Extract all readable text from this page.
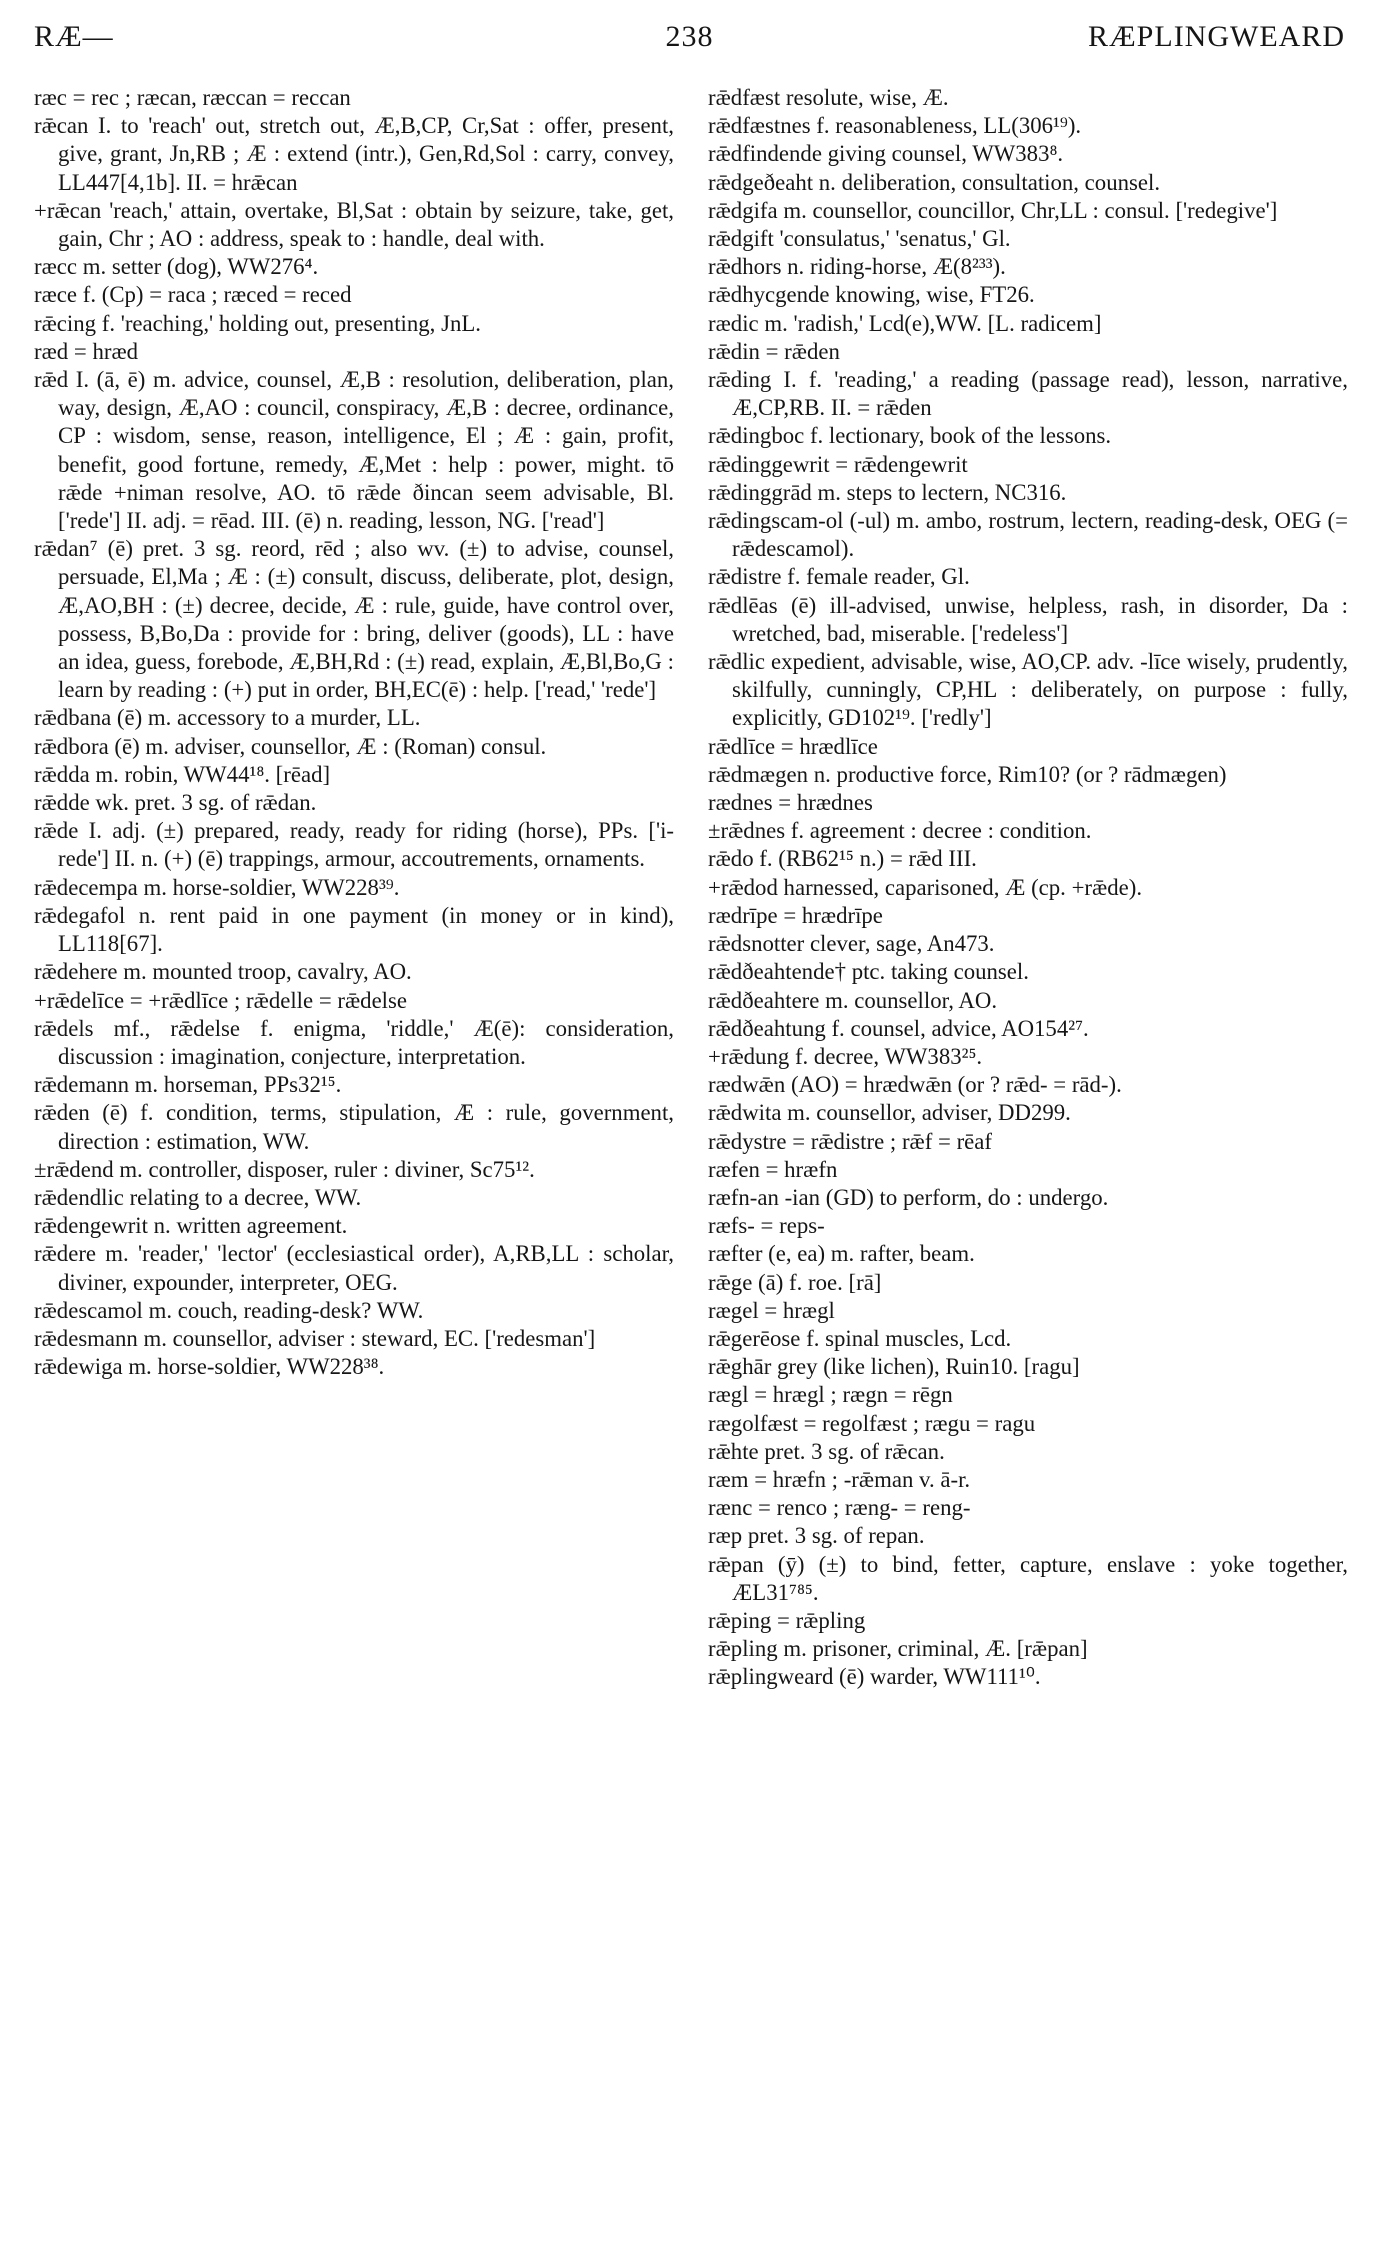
RÆ—	238	RÆPLINGWEARD

ræc = rec ; ræcan, ræccan = reccan

rǣcan I. to 'reach' out, stretch out, Æ,B,CP, Cr,Sat : offer, present, give, grant, Jn,RB ; Æ : extend (intr.), Gen,Rd,Sol : carry, convey, LL447[4,1b]. II. = hrǣcan

+rǣcan 'reach,' attain, overtake, Bl,Sat : obtain by seizure, take, get, gain, Chr ; AO : address, speak to : handle, deal with.

ræcc m. setter (dog), WW276⁴.

ræce f. (Cp) = raca ; ræced = reced

rǣcing f. 'reaching,' holding out, presenting, JnL.

ræd = hræd

rǣd I. (ā, ē) m. advice, counsel, Æ,B : resolution, deliberation, plan, way, design, Æ,AO : council, conspiracy, Æ,B : decree, ordinance, CP : wisdom, sense, reason, intelligence, El ; Æ : gain, profit, benefit, good fortune, remedy, Æ,Met : help : power, might. tō rǣde +niman resolve, AO. tō rǣde ðincan seem advisable, Bl. ['rede'] II. adj. = rēad. III. (ē) n. reading, lesson, NG. ['read']

rǣdan⁷ (ē) pret. 3 sg. reord, rēd ; also wv. (±) to advise, counsel, persuade, El,Ma ; Æ : (±) consult, discuss, deliberate, plot, design, Æ,AO,BH : (±) decree, decide, Æ : rule, guide, have control over, possess, B,Bo,Da : provide for : bring, deliver (goods), LL : have an idea, guess, forebode, Æ,BH,Rd : (±) read, explain, Æ,Bl,Bo,G : learn by reading : (+) put in order, BH,EC(ē) : help. ['read,' 'rede']

rǣdbana (ē) m. accessory to a murder, LL.

rǣdbora (ē) m. adviser, counsellor, Æ : (Roman) consul.

rǣdda m. robin, WW44¹⁸. [rēad]

rǣdde wk. pret. 3 sg. of rǣdan.

rǣde I. adj. (±) prepared, ready, ready for riding (horse), PPs. ['i-rede'] II. n. (+) (ē) trappings, armour, accoutrements, ornaments.

rǣdecempa m. horse-soldier, WW228³⁹.

rǣdegafol n. rent paid in one payment (in money or in kind), LL118[67].

rǣdehere m. mounted troop, cavalry, AO.

+rǣdelīce = +rǣdlīce ; rǣdelle = rǣdelse

rǣdels mf., rǣdelse f. enigma, 'riddle,' Æ(ē): consideration, discussion : imagination, conjecture, interpretation.

rǣdemann m. horseman, PPs32¹⁵.

rǣden (ē) f. condition, terms, stipulation, Æ : rule, government, direction : estimation, WW.

±rǣdend m. controller, disposer, ruler : diviner, Sc75¹².

rǣdendlic relating to a decree, WW.

rǣdengewrit n. written agreement.

rǣdere m. 'reader,' 'lector' (ecclesiastical order), A,RB,LL : scholar, diviner, expounder, interpreter, OEG.

rǣdescamol m. couch, reading-desk? WW.

rǣdesmann m. counsellor, adviser : steward, EC. ['redesman']

rǣdewiga m. horse-soldier, WW228³⁸.

rǣdfæst resolute, wise, Æ.

rǣdfæstnes f. reasonableness, LL(306¹⁹).

rǣdfindende giving counsel, WW383⁸.

rǣdgeðeaht n. deliberation, consultation, counsel.

rǣdgifa m. counsellor, councillor, Chr,LL : consul. ['redegive']

rǣdgift 'consulatus,' 'senatus,' Gl.

rǣdhors n. riding-horse, Æ(8²³³).

rǣdhycgende knowing, wise, FT26.

rædic m. 'radish,' Lcd(e),WW. [L. radicem]

rǣdin = rǣden

rǣding I. f. 'reading,' a reading (passage read), lesson, narrative, Æ,CP,RB. II. = rǣden

rǣdingboc f. lectionary, book of the lessons.

rǣdinggewrit = rǣdengewrit

rǣdinggrād m. steps to lectern, NC316.

rǣdingscam-ol (-ul) m. ambo, rostrum, lectern, reading-desk, OEG (= rǣdescamol).

rǣdistre f. female reader, Gl.

rǣdlēas (ē) ill-advised, unwise, helpless, rash, in disorder, Da : wretched, bad, miserable. ['redeless']

rǣdlic expedient, advisable, wise, AO,CP. adv. -līce wisely, prudently, skilfully, cunningly, CP,HL : deliberately, on purpose : fully, explicitly, GD102¹⁹. ['redly']

rǣdlīce = hrædlīce

rǣdmægen n. productive force, Rim10? (or ? rādmægen)

rædnes = hrædnes

±rǣdnes f. agreement : decree : condition.

rǣdo f. (RB62¹⁵ n.) = rǣd III.

+rǣdod harnessed, caparisoned, Æ (cp. +rǣde).

rædrīpe = hrædrīpe

rǣdsnotter clever, sage, An473.

rǣdðeahtende† ptc. taking counsel.

rǣdðeahtere m. counsellor, AO.

rǣdðeahtung f. counsel, advice, AO154²⁷.

+rǣdung f. decree, WW383²⁵.

rædwǣn (AO) = hrædwǣn (or ? rǣd- = rād-).

rǣdwita m. counsellor, adviser, DD299.

rǣdystre = rǣdistre ; rǣf = rēaf

ræfen = hræfn

ræfn-an -ian (GD) to perform, do : undergo.

ræfs- = reps-

ræfter (e, ea) m. rafter, beam.

rǣge (ā) f. roe. [rā]

rægel = hrægl

rǣgerēose f. spinal muscles, Lcd.

rǣghār grey (like lichen), Ruin10. [ragu]

rægl = hrægl ; rægn = rēgn

rægolfæst = regolfæst ; rægu = ragu

rǣhte pret. 3 sg. of rǣcan.

ræm = hræfn ; -rǣman v. ā-r.

rænc = renco ; ræng- = reng-

ræp pret. 3 sg. of repan.

rǣpan (ȳ) (±) to bind, fetter, capture, enslave : yoke together, ÆL31⁷⁸⁵.

rǣping = rǣpling

rǣpling m. prisoner, criminal, Æ. [rǣpan]

rǣplingweard (ē) warder, WW111¹⁰.
